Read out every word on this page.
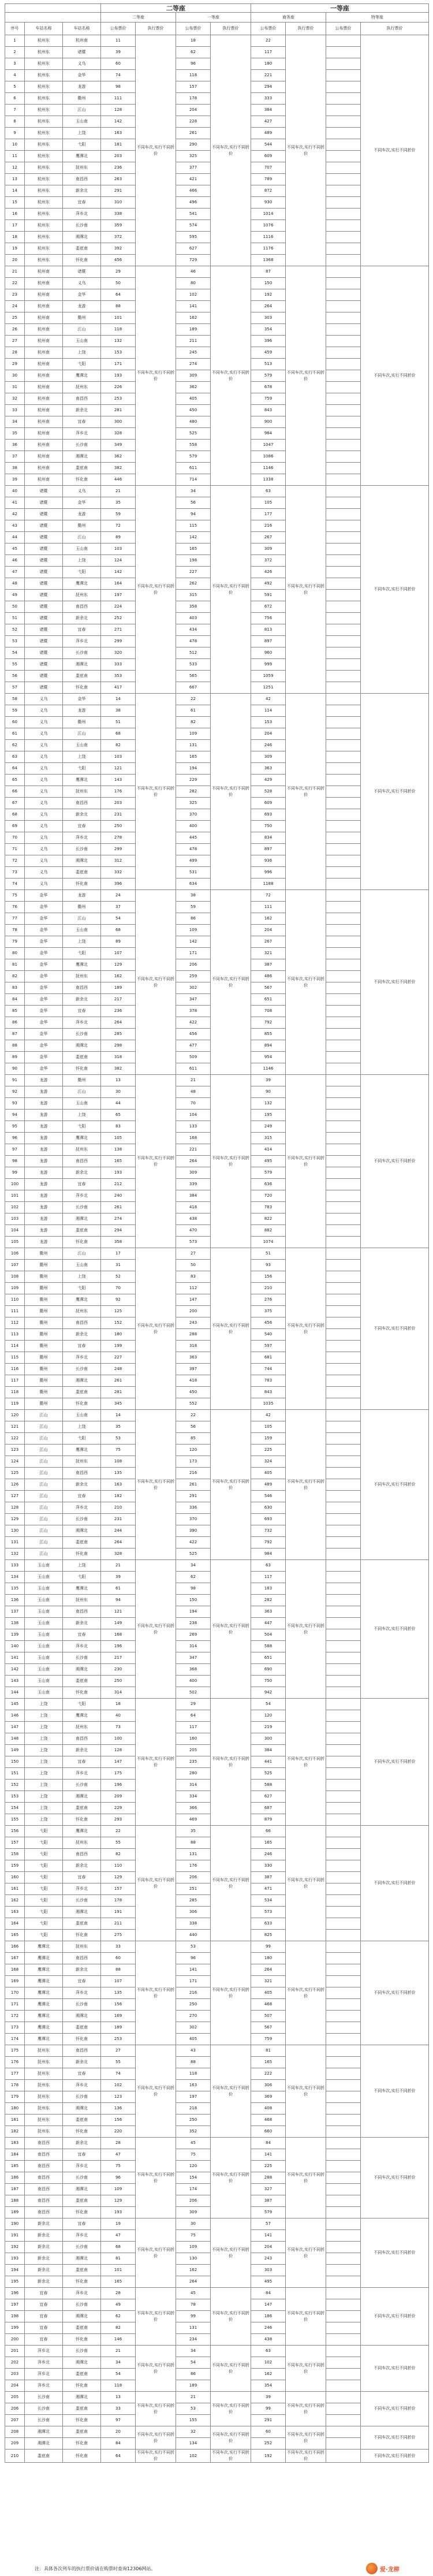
			二等座				一等座			
			二等座		一等座		商务座		特等座	
序号	车站名称	车站名称	公布票价	执行票价	公布票价	执行票价	公布票价	执行票价	公布票价	执行票价
1	杭州东	杭州南	11	不同车次,实行不同折价	18	不同车次,实行不同折价	22	不同车次,实行不同折价		不同车次,实行不同折价
2	杭州东	诸暨	39		62		117			
3	杭州东	义乌	60		96		180			
4	杭州东	金华	74		118		221			
5	杭州东	龙游	98		157		294			
6	杭州东	衢州	111		178		333			
7	杭州东	江山	128		204		384			
8	杭州东	玉山南	142		228		427			
9	杭州东	上饶	163		261		489			
10	杭州东	弋阳	181		290		544			
11	杭州东	鹰潭北	203		325		609			
12	杭州东	抚州东	236		377		707			
13	杭州东	南昌西	263		421		789			
14	杭州东	新余北	291		466		872			
15	杭州东	宜春	310		496		930			
16	杭州东	萍乡北	338		541		1014			
17	杭州东	长沙南	359		574		1076			
18	杭州东	湘潭北	372		595		1116			
19	杭州东	娄底南	392		627		1176			
20	杭州东	怀化南	456		729		1368			
21	杭州南	诸暨	29	不同车次,实行不同折价	46	不同车次,实行不同折价	87	不同车次,实行不同折价		不同车次,实行不同折价
22	杭州南	义乌	50		80		150			
23	杭州南	金华	64		102		192			
24	杭州南	龙游	88		141		264			
25	杭州南	衢州	101		162		303			
26	杭州南	江山	118		189		354			
27	杭州南	玉山南	132		211		396			
28	杭州南	上饶	153		245		459			
29	杭州南	弋阳	171		274		513			
30	杭州南	鹰潭北	193		309		579			
31	杭州南	抚州东	226		362		678			
32	杭州南	南昌西	253		405		759			
33	杭州南	新余北	281		450		843			
34	杭州南	宜春	300		480		900			
35	杭州南	萍乡北	328		525		984			
36	杭州南	长沙南	349		558		1047			
37	杭州南	湘潭北	362		579		1086			
38	杭州南	娄底南	382		611		1146			
39	杭州南	怀化南	446		714		1338			
40	诸暨	义乌	21	不同车次,实行不同折价	34	不同车次,实行不同折价	63	不同车次,实行不同折价		不同车次,实行不同折价
41	诸暨	金华	35		56		105			
42	诸暨	龙游	59		94		177			
43	诸暨	衢州	72		115		216			
44	诸暨	江山	89		142		267			
45	诸暨	玉山南	103		165		309			
46	诸暨	上饶	124		198		372			
47	诸暨	弋阳	142		227		426			
48	诸暨	鹰潭北	164		262		492			
49	诸暨	抚州东	197		315		591			
50	诸暨	南昌西	224		358		672			
51	诸暨	新余北	252		403		756			
52	诸暨	宜春	271		434		813			
53	诸暨	萍乡北	299		478		897			
54	诸暨	长沙南	320		512		960			
55	诸暨	湘潭北	333		533		999			
56	诸暨	娄底南	353		565		1059			
57	诸暨	怀化南	417		667		1251			
58	义乌	金华	14	不同车次,实行不同折价	22	不同车次,实行不同折价	42	不同车次,实行不同折价		不同车次,实行不同折价
59	义乌	龙游	38		61		114			
60	义乌	衢州	51		82		153			
61	义乌	江山	68		109		204			
62	义乌	玉山南	82		131		246			
63	义乌	上饶	103		165		309			
64	义乌	弋阳	121		194		363			
65	义乌	鹰潭北	143		229		429			
66	义乌	抚州东	176		282		528			
67	义乌	南昌西	203		325		609			
68	义乌	新余北	231		370		693			
69	义乌	宜春	250		400		750			
70	义乌	萍乡北	278		445		834			
71	义乌	长沙南	299		478		897			
72	义乌	湘潭北	312		499		936			
73	义乌	娄底南	332		531		996			
74	义乌	怀化南	396		634		1188			
75	金华	龙游	24	不同车次,实行不同折价	38	不同车次,实行不同折价	72	不同车次,实行不同折价		不同车次,实行不同折价
76	金华	衢州	37		59		111			
77	金华	江山	54		86		162			
78	金华	玉山南	68		109		204			
79	金华	上饶	89		142		267			
80	金华	弋阳	107		171		321			
81	金华	鹰潭北	129		206		387			
82	金华	抚州东	162		259		486			
83	金华	南昌西	189		302		567			
84	金华	新余北	217		347		651			
85	金华	宜春	236		378		708			
86	金华	萍乡北	264		422		792			
87	金华	长沙南	285		456		855			
88	金华	湘潭北	298		477		894			
89	金华	娄底南	318		509		954			
90	金华	怀化南	382		611		1146			
91	龙游	衢州	13	不同车次,实行不同折价	21	不同车次,实行不同折价	39	不同车次,实行不同折价		不同车次,实行不同折价
92	龙游	江山	30		48		90			
93	龙游	玉山南	44		70		132			
94	龙游	上饶	65		104		195			
95	龙游	弋阳	83		133		249			
96	龙游	鹰潭北	105		168		315			
97	龙游	抚州东	138		221		414			
98	龙游	南昌西	165		264		495			
99	龙游	新余北	193		309		579			
100	龙游	宜春	212		339		636			
101	龙游	萍乡北	240		384		720			
102	龙游	长沙南	261		418		783			
103	龙游	湘潭北	274		438		822			
104	龙游	娄底南	294		470		882			
105	龙游	怀化南	358		573		1074			
106	衢州	江山	17	不同车次,实行不同折价	27	不同车次,实行不同折价	51	不同车次,实行不同折价		不同车次,实行不同折价
107	衢州	玉山南	31		50		93			
108	衢州	上饶	52		83		156			
109	衢州	弋阳	70		112		210			
110	衢州	鹰潭北	92		147		276			
111	衢州	抚州东	125		200		375			
112	衢州	南昌西	152		243		456			
113	衢州	新余北	180		288		540			
114	衢州	宜春	199		318		597			
115	衢州	萍乡北	227		363		681			
116	衢州	长沙南	248		397		744			
117	衢州	湘潭北	261		418		783			
118	衢州	娄底南	281		450		843			
119	衢州	怀化南	345		552		1035			
120	江山	玉山南	14	不同车次,实行不同折价	22	不同车次,实行不同折价	42	不同车次,实行不同折价		不同车次,实行不同折价
121	江山	上饶	35		56		105			
122	江山	弋阳	53		85		159			
123	江山	鹰潭北	75		120		225			
124	江山	抚州东	108		173		324			
125	江山	南昌西	135		216		405			
126	江山	新余北	163		261		489			
127	江山	宜春	182		291		546			
128	江山	萍乡北	210		336		630			
129	江山	长沙南	231		370		693			
130	江山	湘潭北	244		390		732			
131	江山	娄底南	264		422		792			
132	江山	怀化南	328		525		984			
133	玉山南	上饶	21	不同车次,实行不同折价	34	不同车次,实行不同折价	63	不同车次,实行不同折价		不同车次,实行不同折价
134	玉山南	弋阳	39		62		117			
135	玉山南	鹰潭北	61		98		183			
136	玉山南	抚州东	94		150		282			
137	玉山南	南昌西	121		194		363			
138	玉山南	新余北	149		238		447			
139	玉山南	宜春	168		269		504			
140	玉山南	萍乡北	196		314		588			
141	玉山南	长沙南	217		347		651			
142	玉山南	湘潭北	230		368		690			
143	玉山南	娄底南	250		400		750			
144	玉山南	怀化南	314		502		942			
145	上饶	弋阳	18	不同车次,实行不同折价	29	不同车次,实行不同折价	54	不同车次,实行不同折价		不同车次,实行不同折价
146	上饶	鹰潭北	40		64		120			
147	上饶	抚州东	73		117		219			
148	上饶	南昌西	100		160		300			
149	上饶	新余北	128		205		384			
150	上饶	宜春	147		235		441			
151	上饶	萍乡北	175		280		525			
152	上饶	长沙南	196		314		588			
153	上饶	湘潭北	209		334		627			
154	上饶	娄底南	229		366		687			
155	上饶	怀化南	293		469		879			
156	弋阳	鹰潭北	22	不同车次,实行不同折价	35	不同车次,实行不同折价	66	不同车次,实行不同折价		不同车次,实行不同折价
157	弋阳	抚州东	55		88		165			
158	弋阳	南昌西	82		131		246			
159	弋阳	新余北	110		176		330			
160	弋阳	宜春	129		206		387			
161	弋阳	萍乡北	157		251		471			
162	弋阳	长沙南	178		285		534			
163	弋阳	湘潭北	191		306		573			
164	弋阳	娄底南	211		338		633			
165	弋阳	怀化南	275		440		825			
166	鹰潭北	抚州东	33	不同车次,实行不同折价	53	不同车次,实行不同折价	99	不同车次,实行不同折价		不同车次,实行不同折价
167	鹰潭北	南昌西	60		96		180			
168	鹰潭北	新余北	88		141		264			
169	鹰潭北	宜春	107		171		321			
170	鹰潭北	萍乡北	135		216		405			
171	鹰潭北	长沙南	156		250		468			
172	鹰潭北	湘潭北	169		270		507			
173	鹰潭北	娄底南	189		302		567			
174	鹰潭北	怀化南	253		405		759			
175	抚州东	南昌西	27	不同车次,实行不同折价	43	不同车次,实行不同折价	81	不同车次,实行不同折价		不同车次,实行不同折价
176	抚州东	新余北	55		88		165			
177	抚州东	宜春	74		118		222			
178	抚州东	萍乡北	102		163		306			
179	抚州东	长沙南	123		197		369			
180	抚州东	湘潭北	136		218		408			
181	抚州东	娄底南	156		250		468			
182	抚州东	怀化南	220		352		660			
183	南昌西	新余北	28	不同车次,实行不同折价	45	不同车次,实行不同折价	84	不同车次,实行不同折价		不同车次,实行不同折价
184	南昌西	宜春	47		75		141			
185	南昌西	萍乡北	75		120		225			
186	南昌西	长沙南	96		154		288			
187	南昌西	湘潭北	109		174		327			
188	南昌西	娄底南	129		206		387			
189	南昌西	怀化南	193		309		579			
190	新余北	宜春	19	不同车次,实行不同折价	30	不同车次,实行不同折价	57	不同车次,实行不同折价		不同车次,实行不同折价
191	新余北	萍乡北	47		75		141			
192	新余北	长沙南	68		109		204			
193	新余北	湘潭北	81		130		243			
194	新余北	娄底南	101		162		303			
195	新余北	怀化南	165		264		495			
196	宜春	萍乡北	28	不同车次,实行不同折价	45	不同车次,实行不同折价	84	不同车次,实行不同折价		不同车次,实行不同折价
197	宜春	长沙南	49		78		147			
198	宜春	湘潭北	62		99		186			
199	宜春	娄底南	82		131		246			
200	宜春	怀化南	146		234		438			
201	萍乡北	长沙南	21	不同车次,实行不同折价	34	不同车次,实行不同折价	63	不同车次,实行不同折价		不同车次,实行不同折价
202	萍乡北	湘潭北	34		54		102			
203	萍乡北	娄底南	54		86		162			
204	萍乡北	怀化南	118		189		354			
205	长沙南	湘潭北	13	不同车次,实行不同折价	21	不同车次,实行不同折价	39	不同车次,实行不同折价		不同车次,实行不同折价
206	长沙南	娄底南	33		53		99			
207	长沙南	怀化南	97		155		291			
208	湘潭北	娄底南	20	不同车次,实行不同折价	32	不同车次,实行不同折价	60	不同车次,实行不同折价		不同车次,实行不同折价
209	湘潭北	怀化南	84		134		252			
210	娄底南	怀化南	64	不同车次,实行不同折价	102	不同车次,实行不同折价	192	不同车次,实行不同折价		不同车次,实行不同折价
注：具体各次列车的执行票价请在购票时查询12306网站。	爱·龙柳
